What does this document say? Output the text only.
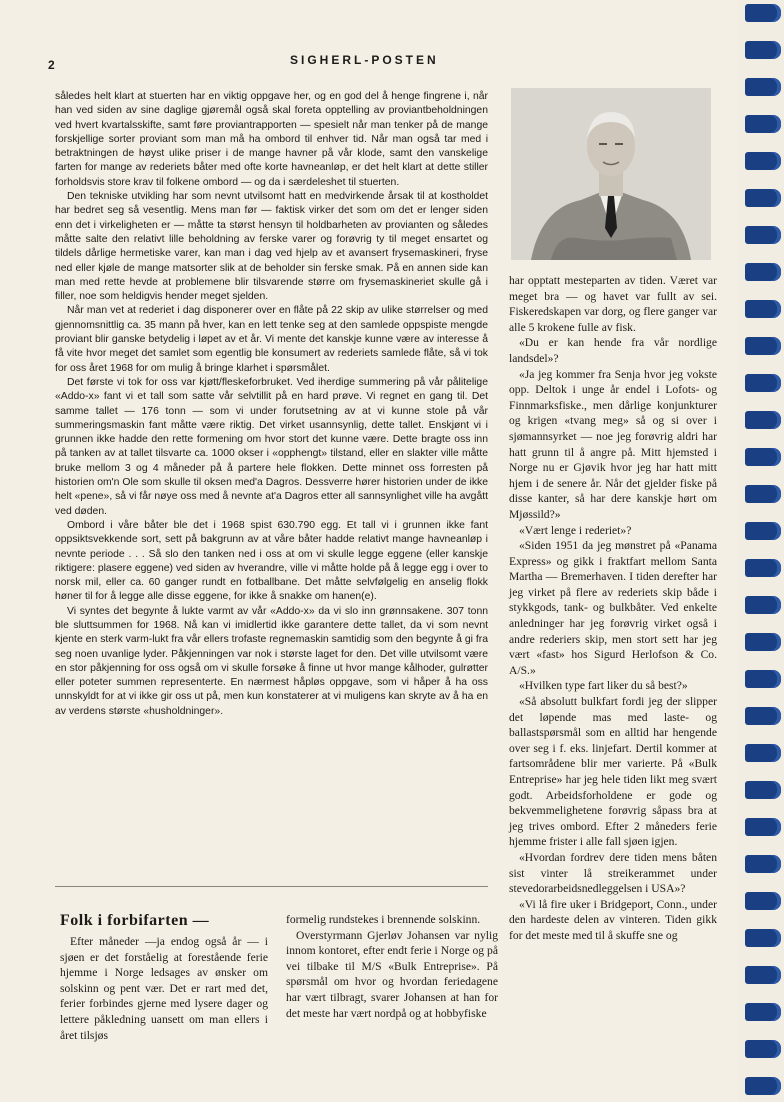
2	SIGHERL-POSTEN

således helt klart at stuerten har en viktig oppgave her, og en god del å henge fingrene i, når han ved siden av sine daglige gjøremål også skal foreta opptelling av proviantbeholdningen ved hvert kvartalsskifte, samt føre proviantrapporten — spesielt når man tenker på de mange forskjellige sorter proviant som man må ha ombord til enhver tid. Når man også tar med i betraktningen de høyst ulike priser i de mange havner på vår klode, samt den vanskelige farten for mange av rederiets båter med ofte korte havneanløp, er det helt klart at dette stiller forholdsvis store krav til folkene ombord — og da i særdeleshet til stuerten.

Den tekniske utvikling har som nevnt utvilsomt hatt en medvirkende årsak til at kostholdet har bedret seg så vesentlig. Mens man før — faktisk virker det som om det er lenger siden enn det i virkeligheten er — måtte ta størst hensyn til holdbarheten av provianten og således måtte salte den relativt lille beholdning av ferske varer og forøvrig ty til meget ensartet og tildels dårlige hermetiske varer, kan man i dag ved hjelp av et avansert frysemaskineri, fryse ned eller kjøle de mange matsorter slik at de beholder sin ferske smak. På en annen side kan man med rette hevde at problemene blir tilsvarende større om frysemaskineriet skulle gå i filler, noe som heldigvis hender meget sjelden.

Når man vet at rederiet i dag disponerer over en flåte på 22 skip av ulike størrelser og med gjennomsnittlig ca. 35 mann på hver, kan en lett tenke seg at den samlede oppspiste mengde proviant blir ganske betydelig i løpet av et år. Vi mente det kanskje kunne være av interesse å få vite hvor meget det samlet som egentlig ble konsumert av rederiets samlede flåte, så vi tok for oss året 1968 for om mulig å bringe klarhet i spørsmålet.

Det første vi tok for oss var kjøtt/fleskeforbruket. Ved iherdige summering på vår pålitelige «Addo-x» fant vi et tall som satte vår selvtillit på en hard prøve. Vi regnet en gang til. Det samme tallet — 176 tonn — som vi under forutsetning av at vi kunne stole på vår summeringsmaskin fant måtte være riktig. Det virket usannsynlig, dette tallet. Enskjønt vi i grunnen ikke hadde den rette formening om hvor stort det kunne være. Dette bragte oss inn på tanken av at tallet tilsvarte ca. 1000 okser i «opphengt» tilstand, eller en slakter ville måtte bruke mellom 3 og 4 måneder på å partere hele flokken. Dette minnet oss forresten på historien om'n Ole som skulle til oksen med'a Dagros. Dessverre hører historien under de ikke helt «pene», så vi får nøye oss med å nevnte at'a Dagros etter all sannsynlighet ville ha avgått ved døden.

Ombord i våre båter ble det i 1968 spist 630.790 egg. Et tall vi i grunnen ikke fant oppsiktsvekkende sort, sett på bakgrunn av at våre båter hadde relativt mange havneanløp i nevnte periode . . . Så slo den tanken ned i oss at om vi skulle legge eggene (eller kanskje riktigere: plasere eggene) ved siden av hverandre, ville vi måtte holde på å legge egg i over to norsk mil, eller ca. 60 ganger rundt en fotballbane. Det måtte selvfølgelig en anselig flokk høner til for å legge alle disse eggene, for ikke å snakke om hanen(e).

Vi syntes det begynte å lukte varmt av vår «Addo-x» da vi slo inn grønnsakene. 307 tonn ble sluttsummen for 1968. Nå kan vi imidlertid ikke garantere dette tallet, da vi som nevnt kjente en sterk varm-lukt fra vår ellers trofaste regnemaskin samtidig som den begynte å gi fra seg noen uvanlige lyder. Påkjenningen var nok i største laget for den. Det ville utvilsomt være en stor påkjenning for oss også om vi skulle forsøke å finne ut hvor mange kålhoder, gulrøtter eller poteter summen representerte. En nærmest håpløs oppgave, som vi håper å ha oss unnskyldt for at vi ikke gir oss ut på, men kun konstaterer at vi muligens kan skryte av å ha en av verdens største «husholdninger».

har opptatt mesteparten av tiden. Været var meget bra — og havet var fullt av sei. Fiskeredskapen var dorg, og flere ganger var alle 5 krokene fulle av fisk.

«Du er kan hende fra vår nordlige landsdel»?

«Ja jeg kommer fra Senja hvor jeg vokste opp. Deltok i unge år endel i Lofots- og Finnmarksfiske., men dårlige konjunkturer og krigen «tvang meg» så og si over i sjømannsyrket — noe jeg forøvrig aldri har hatt grunn til å angre på. Mitt hjemsted i Norge nu er Gjøvik hvor jeg har hatt mitt hjem i de senere år. Når det gjelder fiske på disse kanter, så har dere kanskje hørt om Mjøssild?»

«Vært lenge i rederiet»?

«Siden 1951 da jeg mønstret på «Panama Express» og gikk i fraktfart mellom Santa Martha — Bremerhaven. I tiden derefter har jeg virket på flere av rederiets skip både i stykkgods, tank- og bulkbåter. Ved enkelte anledninger har jeg forøvrig virket også i andre rederiers skip, men stort sett har jeg vært «fast» hos Sigurd Herlofson & Co. A/S.»

«Hvilken type fart liker du så best?»

«Så absolutt bulkfart fordi jeg der slipper det løpende mas med laste- og ballastspørsmål som en alltid har hengende over seg i f. eks. linjefart. Dertil kommer at fartsområdene blir mer varierte. På «Bulk Entreprise» har jeg hele tiden likt meg svært godt. Arbeidsforholdene er gode og bekvemmelighetene forøvrig såpass bra at jeg trives ombord. Efter 2 måneders ferie hjemme frister i alle fall sjøen igjen.

«Hvordan fordrev dere tiden mens båten sist vinter lå streikerammet under stevedorarbeidsnedleggelsen i USA»?

«Vi lå fire uker i Bridgeport, Conn., under den hardeste delen av vinteren. Tiden gikk for det meste med til å skuffe sne og

Folk i forbifarten —

Efter måneder —ja endog også år — i sjøen er det forståelig at forestående ferie hjemme i Norge ledsages av ønsker om solskinn og pent vær. Det er rart med det, ferier forbindes gjerne med lysere dager og lettere påkledning uansett om man ellers i året tilsjøs

formelig rundstekes i brennende solskinn.

Overstyrmann Gjerløv Johansen var nylig innom kontoret, efter endt ferie i Norge og på vei tilbake til M/S «Bulk Entreprise». På spørsmål om hvor og hvordan feriedagene har vært tilbragt, svarer Johansen at han for det meste har vært nordpå og at hobbyfiske
